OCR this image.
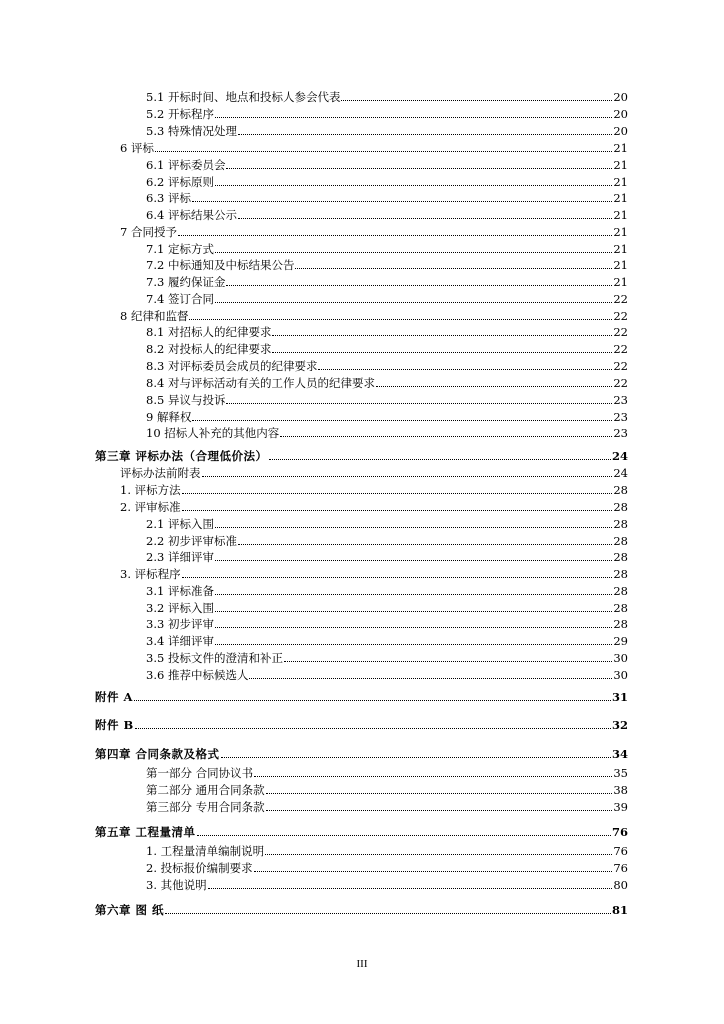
5.1 开标时间、地点和投标人参会代表	20
5.2 开标程序	20
5.3 特殊情况处理	20
6 评标	21
6.1 评标委员会	21
6.2 评标原则	21
6.3 评标	21
6.4 评标结果公示	21
7 合同授予	21
7.1 定标方式	21
7.2 中标通知及中标结果公告	21
7.3 履约保证金	21
7.4 签订合同	22
8 纪律和监督	22
8.1 对招标人的纪律要求	22
8.2 对投标人的纪律要求	22
8.3 对评标委员会成员的纪律要求	22
8.4 对与评标活动有关的工作人员的纪律要求	22
8.5 异议与投诉	23
9 解释权	23
10 招标人补充的其他内容	23
第三章 评标办法（合理低价法）	24
评标办法前附表	24
1. 评标方法	28
2. 评审标准	28
2.1 评标入围	28
2.2 初步评审标准	28
2.3 详细评审	28
3. 评标程序	28
3.1 评标准备	28
3.2 评标入围	28
3.3 初步评审	28
3.4 详细评审	29
3.5 投标文件的澄清和补正	30
3.6 推荐中标候选人	30
附件 A	31
附件 B	32
第四章 合同条款及格式	34
第一部分 合同协议书	35
第二部分 通用合同条款	38
第三部分 专用合同条款	39
第五章 工程量清单	76
1. 工程量清单编制说明	76
2. 投标报价编制要求	76
3. 其他说明	80
第六章 图 纸	81
III
